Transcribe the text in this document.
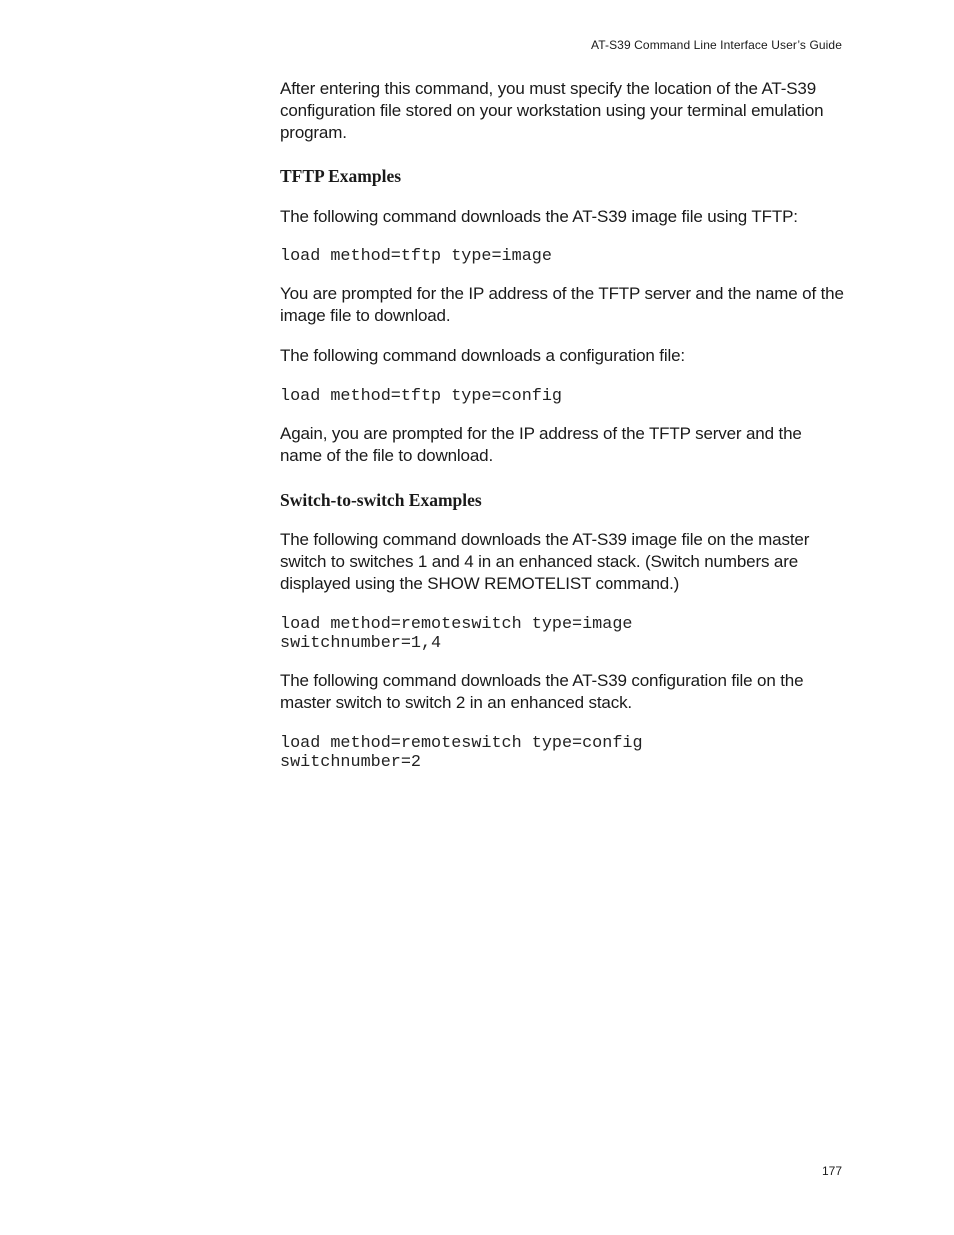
AT-S39 Command Line Interface User’s Guide

After entering this command, you must specify the location of the AT-S39 configuration file stored on your workstation using your terminal emulation program.

TFTP Examples

The following command downloads the AT-S39 image file using TFTP:

load method=tftp type=image

You are prompted for the IP address of the TFTP server and the name of the image file to download.

The following command downloads a configuration file:

load method=tftp type=config

Again, you are prompted for the IP address of the TFTP server and the name of the file to download.

Switch-to-switch Examples

The following command downloads the AT-S39 image file on the master switch to switches 1 and 4 in an enhanced stack. (Switch numbers are displayed using the SHOW REMOTELIST command.)

load method=remoteswitch type=image
switchnumber=1,4

The following command downloads the AT-S39 configuration file on the master switch to switch 2 in an enhanced stack.

load method=remoteswitch type=config
switchnumber=2
177
